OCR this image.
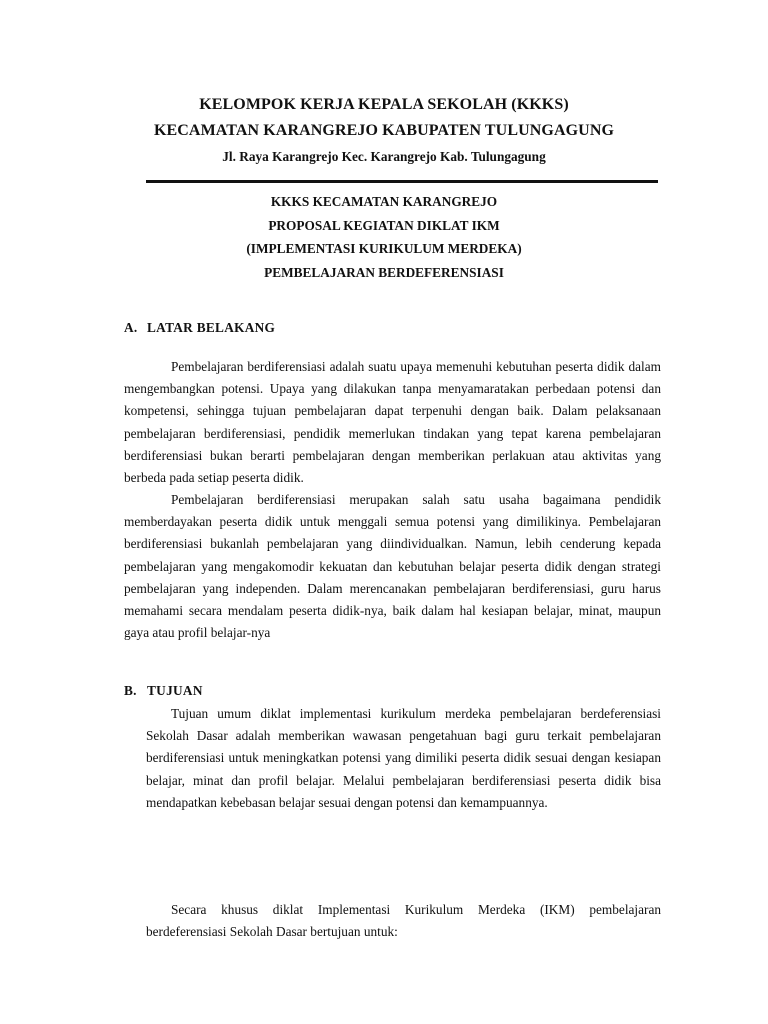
KELOMPOK KERJA KEPALA SEKOLAH (KKKS)
KECAMATAN KARANGREJO KABUPATEN TULUNGAGUNG
Jl. Raya Karangrejo Kec. Karangrejo Kab. Tulungagung
KKKS KECAMATAN KARANGREJO
PROPOSAL KEGIATAN DIKLAT IKM
(IMPLEMENTASI KURIKULUM MERDEKA)
PEMBELAJARAN BERDEFERENSIASI
A. LATAR BELAKANG

Pembelajaran berdiferensiasi adalah suatu upaya memenuhi kebutuhan peserta didik dalam mengembangkan potensi. Upaya yang dilakukan tanpa menyamaratakan perbedaan potensi dan kompetensi, sehingga tujuan pembelajaran dapat terpenuhi dengan baik. Dalam pelaksanaan pembelajaran berdiferensiasi, pendidik memerlukan tindakan yang tepat karena pembelajaran berdiferensiasi bukan berarti pembelajaran dengan memberikan perlakuan atau aktivitas yang berbeda pada setiap peserta didik.

Pembelajaran berdiferensiasi merupakan salah satu usaha bagaimana pendidik memberdayakan peserta didik untuk menggali semua potensi yang dimilikinya. Pembelajaran berdiferensiasi bukanlah pembelajaran yang diindividualkan. Namun, lebih cenderung kepada pembelajaran yang mengakomodir kekuatan dan kebutuhan belajar peserta didik dengan strategi pembelajaran yang independen. Dalam merencanakan pembelajaran berdiferensiasi, guru harus memahami secara mendalam peserta didik-nya, baik dalam hal kesiapan belajar, minat, maupun gaya atau profil belajar-nya

B. TUJUAN

Tujuan umum diklat implementasi kurikulum merdeka pembelajaran berdeferensiasi Sekolah Dasar adalah memberikan wawasan pengetahuan bagi guru terkait pembelajaran berdiferensiasi untuk meningkatkan potensi yang dimiliki peserta didik sesuai dengan kesiapan belajar, minat dan profil belajar. Melalui pembelajaran berdiferensiasi peserta didik bisa mendapatkan kebebasan belajar sesuai dengan potensi dan kemampuannya.

Secara khusus diklat Implementasi Kurikulum Merdeka (IKM) pembelajaran berdeferensiasi Sekolah Dasar bertujuan untuk:
